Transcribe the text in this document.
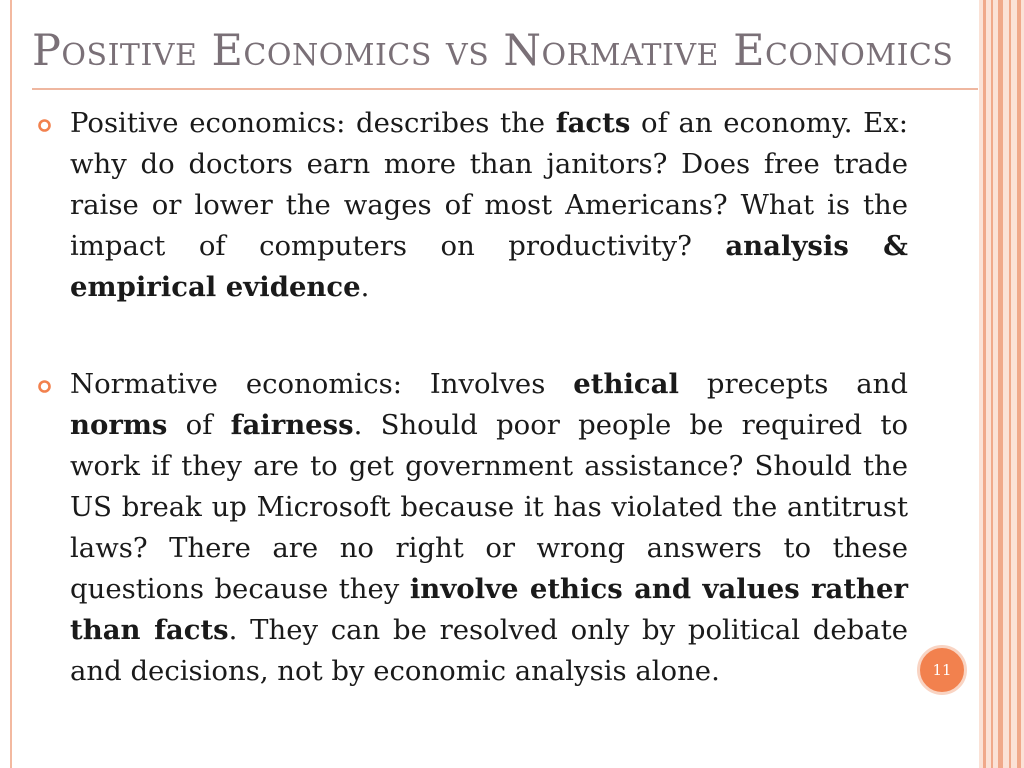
Positive Economics vs Normative Economics
Positive economics: describes the facts of an economy. Ex: why do doctors earn more than janitors? Does free trade raise or lower the wages of most Americans? What is the impact of computers on productivity? analysis & empirical evidence.
Normative economics: Involves ethical precepts and norms of fairness. Should poor people be required to work if they are to get government assistance? Should the US break up Microsoft because it has violated the antitrust laws? There are no right or wrong answers to these questions because they involve ethics and values rather than facts. They can be resolved only by political debate and decisions, not by economic analysis alone.	11
